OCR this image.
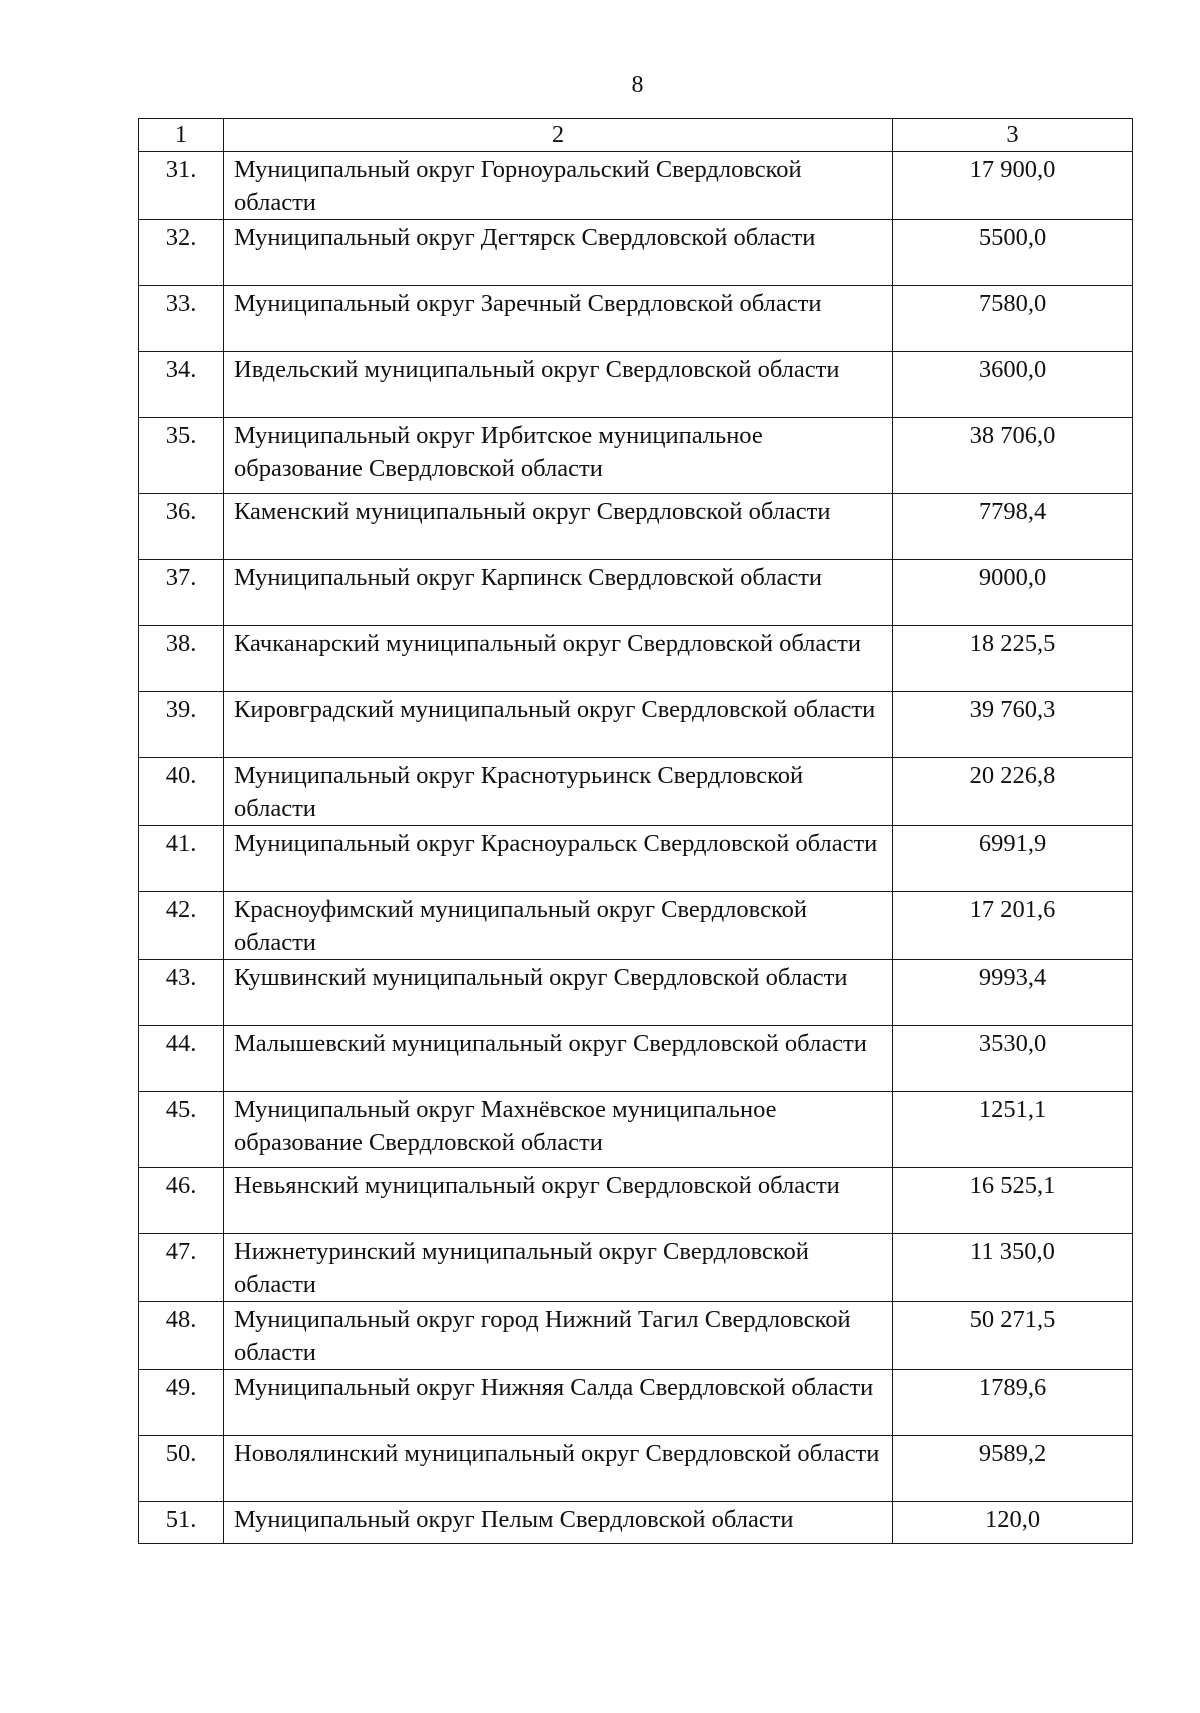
8
1	2	3
31.	Муниципальный округ Горноуральский Свердловской области	17 900,0
32.	Муниципальный округ Дегтярск Свердловской области	5500,0
33.	Муниципальный округ Заречный Свердловской области	7580,0
34.	Ивдельский муниципальный округ Свердловской области	3600,0
35.	Муниципальный округ Ирбитское муниципальное образование Свердловской области	38 706,0
36.	Каменский муниципальный округ Свердловской области	7798,4
37.	Муниципальный округ Карпинск Свердловской области	9000,0
38.	Качканарский муниципальный округ Свердловской области	18 225,5
39.	Кировградский муниципальный округ Свердловской области	39 760,3
40.	Муниципальный округ Краснотурьинск Свердловской области	20 226,8
41.	Муниципальный округ Красноуральск Свердловской области	6991,9
42.	Красноуфимский муниципальный округ Свердловской области	17 201,6
43.	Кушвинский муниципальный округ Свердловской области	9993,4
44.	Малышевский муниципальный округ Свердловской области	3530,0
45.	Муниципальный округ Махнёвское муниципальное образование Свердловской области	1251,1
46.	Невьянский муниципальный округ Свердловской области	16 525,1
47.	Нижнетуринский муниципальный округ Свердловской области	11 350,0
48.	Муниципальный округ город Нижний Тагил Свердловской области	50 271,5
49.	Муниципальный округ Нижняя Салда Свердловской области	1789,6
50.	Новолялинский муниципальный округ Свердловской области	9589,2
51.	Муниципальный округ Пелым Свердловской области	120,0
